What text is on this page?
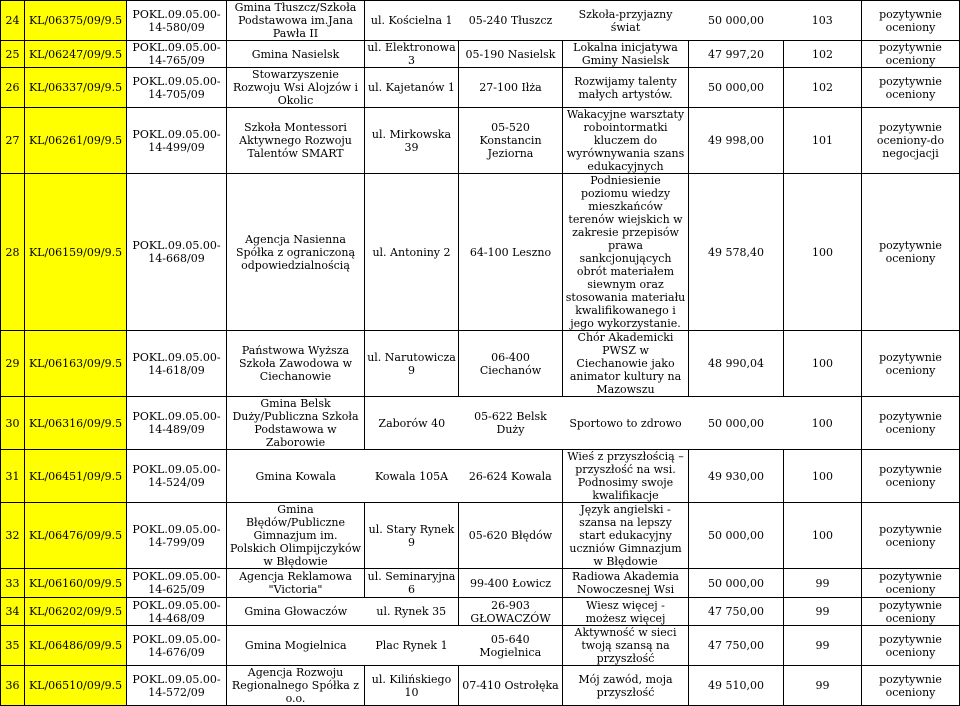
24	KL/06375/09/9.5	POKL.09.05.00-14-580/09	Gmina Tłuszcz/Szkoła Podstawowa im.Jana Pawła II	ul. Kościelna 1	05-240 Tłuszcz	Szkoła-przyjazny świat	50 000,00	103	pozytywnie oceniony
25	KL/06247/09/9.5	POKL.09.05.00-14-765/09	Gmina Nasielsk	ul. Elektronowa 3	05-190 Nasielsk	Lokalna inicjatywa Gminy Nasielsk	47 997,20	102	pozytywnie oceniony
26	KL/06337/09/9.5	POKL.09.05.00-14-705/09	Stowarzyszenie Rozwoju Wsi Alojzów i Okolic	ul. Kajetanów 1	27-100 Iłża	Rozwijamy talenty małych artystów.	50 000,00	102	pozytywnie oceniony
27	KL/06261/09/9.5	POKL.09.05.00-14-499/09	Szkoła Montessori Aktywnego Rozwoju Talentów SMART	ul. Mirkowska 39	05-520 Konstancin Jeziorna	Wakacyjne warsztaty robointormatki kluczem do wyrównywania szans edukacyjnych	49 998,00	101	pozytywnie oceniony-do negocjacji
28	KL/06159/09/9.5	POKL.09.05.00-14-668/09	Agencja Nasienna Spółka z ograniczoną odpowiedzialnością	ul. Antoniny 2	64-100 Leszno	Podniesienie poziomu wiedzy mieszkańców terenów wiejskich w zakresie przepisów prawa sankcjonujących obrót materiałem siewnym oraz stosowania materiału kwalifikowanego i jego wykorzystanie.	49 578,40	100	pozytywnie oceniony
29	KL/06163/09/9.5	POKL.09.05.00-14-618/09	Państwowa Wyższa Szkoła Zawodowa w Ciechanowie	ul. Narutowicza 9	06-400 Ciechanów	Chór Akademicki PWSZ w Ciechanowie jako animator kultury na Mazowszu	48 990,04	100	pozytywnie oceniony
30	KL/06316/09/9.5	POKL.09.05.00-14-489/09	Gmina Belsk Duży/Publiczna Szkoła Podstawowa w Zaborowie	Zaborów 40	05-622 Belsk Duży	Sportowo to zdrowo	50 000,00	100	pozytywnie oceniony
31	KL/06451/09/9.5	POKL.09.05.00-14-524/09	Gmina Kowala	Kowala 105A	26-624 Kowala	Wieś z przyszłością – przyszłość na wsi. Podnosimy swoje kwalifikacje	49 930,00	100	pozytywnie oceniony
32	KL/06476/09/9.5	POKL.09.05.00-14-799/09	Gmina Błędów/Publiczne Gimnazjum im. Polskich Olimpijczyków w Błędowie	ul. Stary Rynek 9	05-620 Błędów	Język angielski - szansa na lepszy start edukacyjny uczniów Gimnazjum w Błędowie	50 000,00	100	pozytywnie oceniony
33	KL/06160/09/9.5	POKL.09.05.00-14-625/09	Agencja Reklamowa "Victoria"	ul. Seminaryjna 6	99-400 Łowicz	Radiowa Akademia Nowoczesnej Wsi	50 000,00	99	pozytywnie oceniony
34	KL/06202/09/9.5	POKL.09.05.00-14-468/09	Gmina Głowaczów	ul. Rynek 35	26-903 GŁOWACZÓW	Wiesz więcej - możesz więcej	47 750,00	99	pozytywnie oceniony
35	KL/06486/09/9.5	POKL.09.05.00-14-676/09	Gmina Mogielnica	Plac Rynek 1	05-640 Mogielnica	Aktywność w sieci twoją szansą na przyszłość	47 750,00	99	pozytywnie oceniony
36	KL/06510/09/9.5	POKL.09.05.00-14-572/09	Agencja Rozwoju Regionalnego Spółka z o.o.	ul. Kilińskiego 10	07-410 Ostrołęka	Mój zawód, moja przyszłość	49 510,00	99	pozytywnie oceniony
